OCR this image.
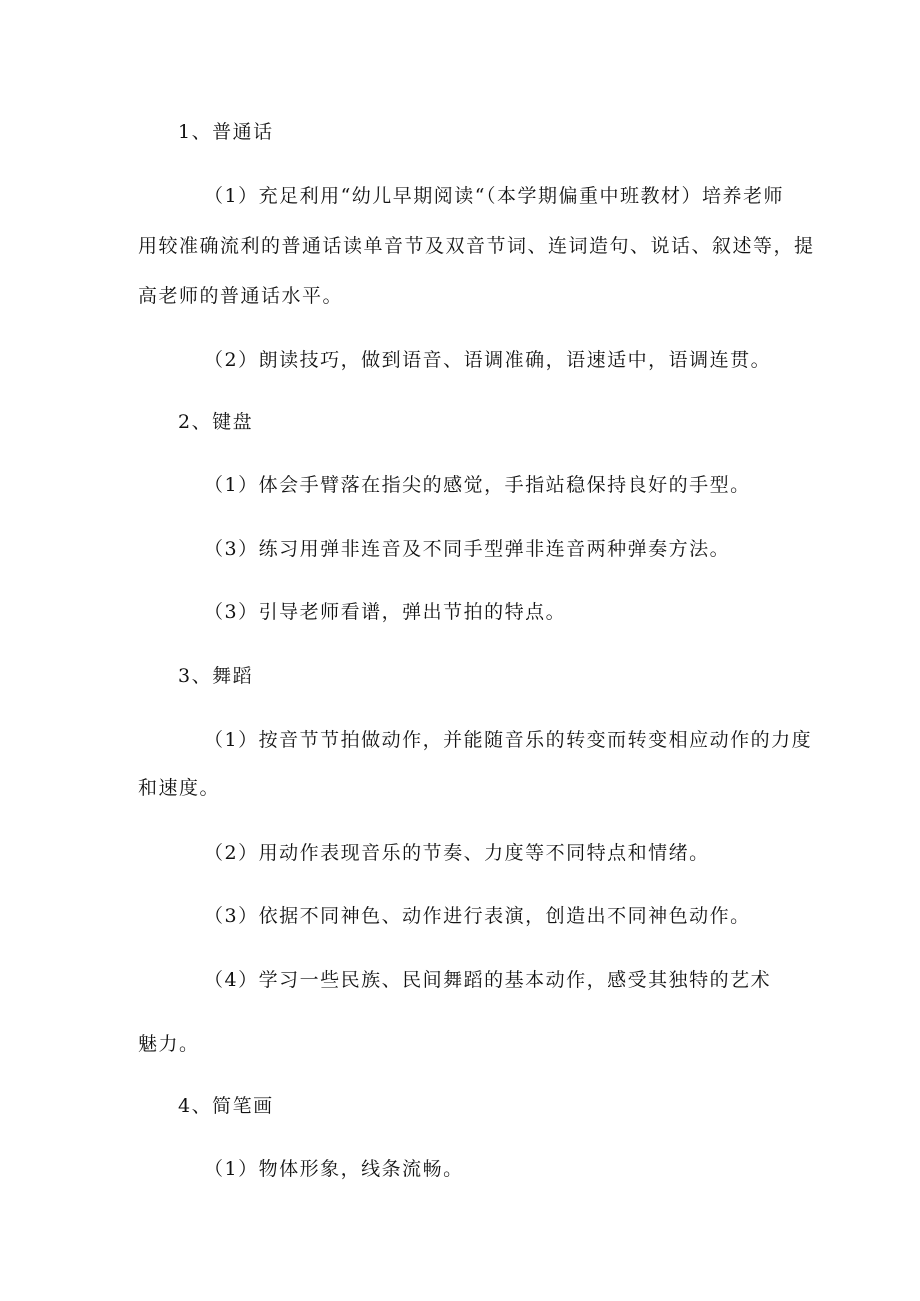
1、普通话
（1）充足利用“幼儿早期阅读“（本学期偏重中班教材）培养老师
用较准确流利的普通话读单音节及双音节词、连词造句、说话、叙述等，提
高老师的普通话水平。
（2）朗读技巧，做到语音、语调准确，语速适中，语调连贯。
2、键盘
（1）体会手臂落在指尖的感觉，手指站稳保持良好的手型。
（3）练习用弹非连音及不同手型弹非连音两种弹奏方法。
（3）引导老师看谱，弹出节拍的特点。
3、舞蹈
（1）按音节节拍做动作，并能随音乐的转变而转变相应动作的力度
和速度。
（2）用动作表现音乐的节奏、力度等不同特点和情绪。
（3）依据不同神色、动作进行表演，创造出不同神色动作。
（4）学习一些民族、民间舞蹈的基本动作，感受其独特的艺术
魅力。
4、简笔画
（1）物体形象，线条流畅。
